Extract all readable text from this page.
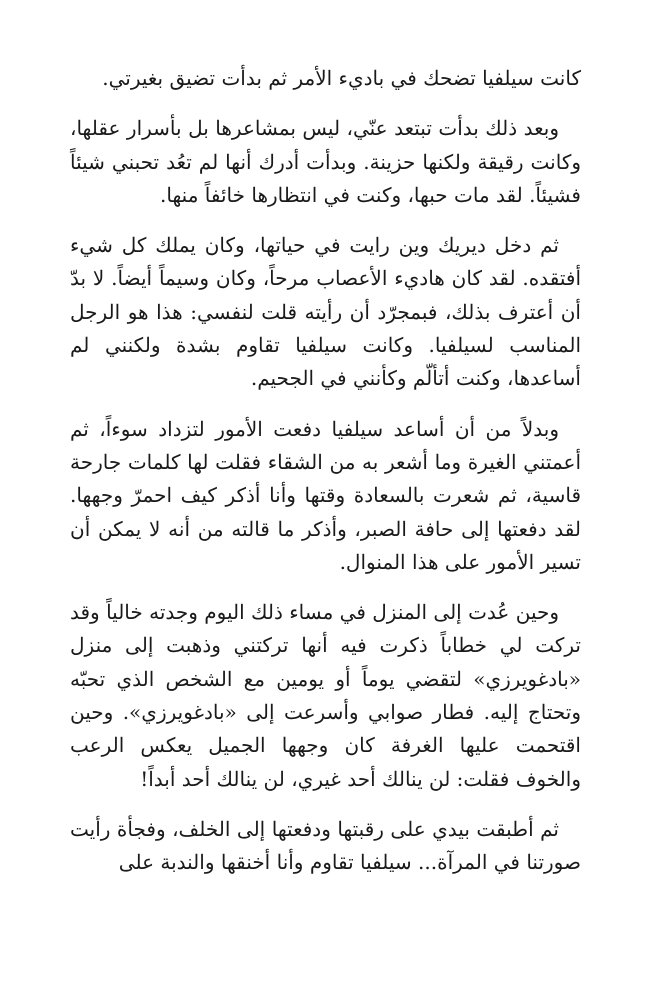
كانت سيلفيا تضحك في باديء الأمر ثم بدأت تضيق بغيرتي.

وبعد ذلك بدأت تبتعد عنّي، ليس بمشاعرها بل بأسرار عقلها، وكانت رقيقة ولكنها حزينة. وبدأت أدرك أنها لم تعُد تحبني شيئاً فشيئاً. لقد مات حبها، وكنت في انتظارها خائفاً منها.

ثم دخل ديريك وين رايت في حياتها، وكان يملك كل شيء أفتقده. لقد كان هاديء الأعصاب مرحاً، وكان وسيماً أيضاً. لا بدّ أن أعترف بذلك، فبمجرّد أن رأيته قلت لنفسي: هذا هو الرجل المناسب لسيلفيا. وكانت سيلفيا تقاوم بشدة ولكنني لم أساعدها، وكنت أتألّم وكأنني في الجحيم.

وبدلاً من أن أساعد سيلفيا دفعت الأمور لتزداد سوءاً، ثم أعمتني الغيرة وما أشعر به من الشقاء فقلت لها كلمات جارحة قاسية، ثم شعرت بالسعادة وقتها وأنا أذكر كيف احمرّ وجهها. لقد دفعتها إلى حافة الصبر، وأذكر ما قالته من أنه لا يمكن أن تسير الأمور على هذا المنوال.

وحين عُدت إلى المنزل في مساء ذلك اليوم وجدته خالياً وقد تركت لي خطاباً ذكرت فيه أنها تركتني وذهبت إلى منزل «بادغويرزي» لتقضي يوماً أو يومين مع الشخص الذي تحبّه وتحتاج إليه. فطار صوابي وأسرعت إلى «بادغويرزي». وحين اقتحمت عليها الغرفة كان وجهها الجميل يعكس الرعب والخوف فقلت: لن ينالك أحد غيري، لن ينالك أحد أبداً!

ثم أطبقت بيدي على رقبتها ودفعتها إلى الخلف، وفجأة رأيت صورتنا في المرآة... سيلفيا تقاوم وأنا أخنقها والندبة على
